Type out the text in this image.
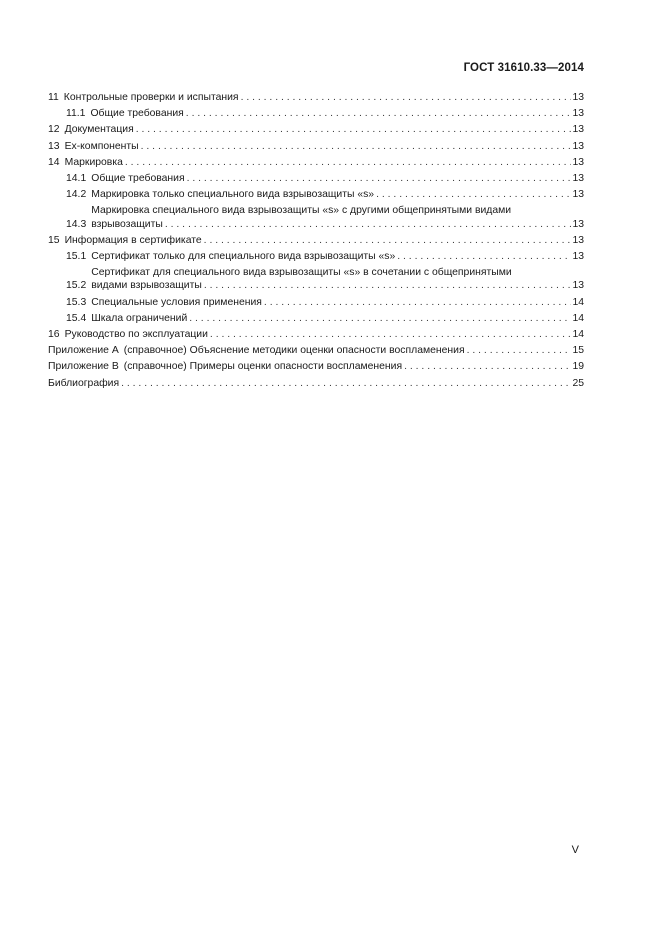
ГОСТ 31610.33—2014
11 Контрольные проверки и испытания . . .	13
11.1 Общие требования . . .	13
12 Документация . . .	13
13 Ex-компоненты . . .	13
14 Маркировка . . .	13
14.1 Общие требования . . .	13
14.2 Маркировка только специального вида взрывозащиты «s» . . .	13
14.3
Маркировка специального вида взрывозащиты «s» с другими общепринятыми видами
взрывозащиты . . .	13
15 Информация в сертификате . . .	13
15.1 Сертификат только для специального вида взрывозащиты «s» . . .	13
15.2
Сертификат для специального вида взрывозащиты «s» в сочетании с общепринятыми
видами взрывозащиты . . .	13
15.3 Специальные условия применения . . .	14
15.4 Шкала ограничений . . .	14
16 Руководство по эксплуатации . . .	14
Приложение А (справочное) Объяснение методики оценки опасности воспламенения . . .	15
Приложение В (справочное) Примеры оценки опасности воспламенения . . .	19
Библиография . . .	25
V
